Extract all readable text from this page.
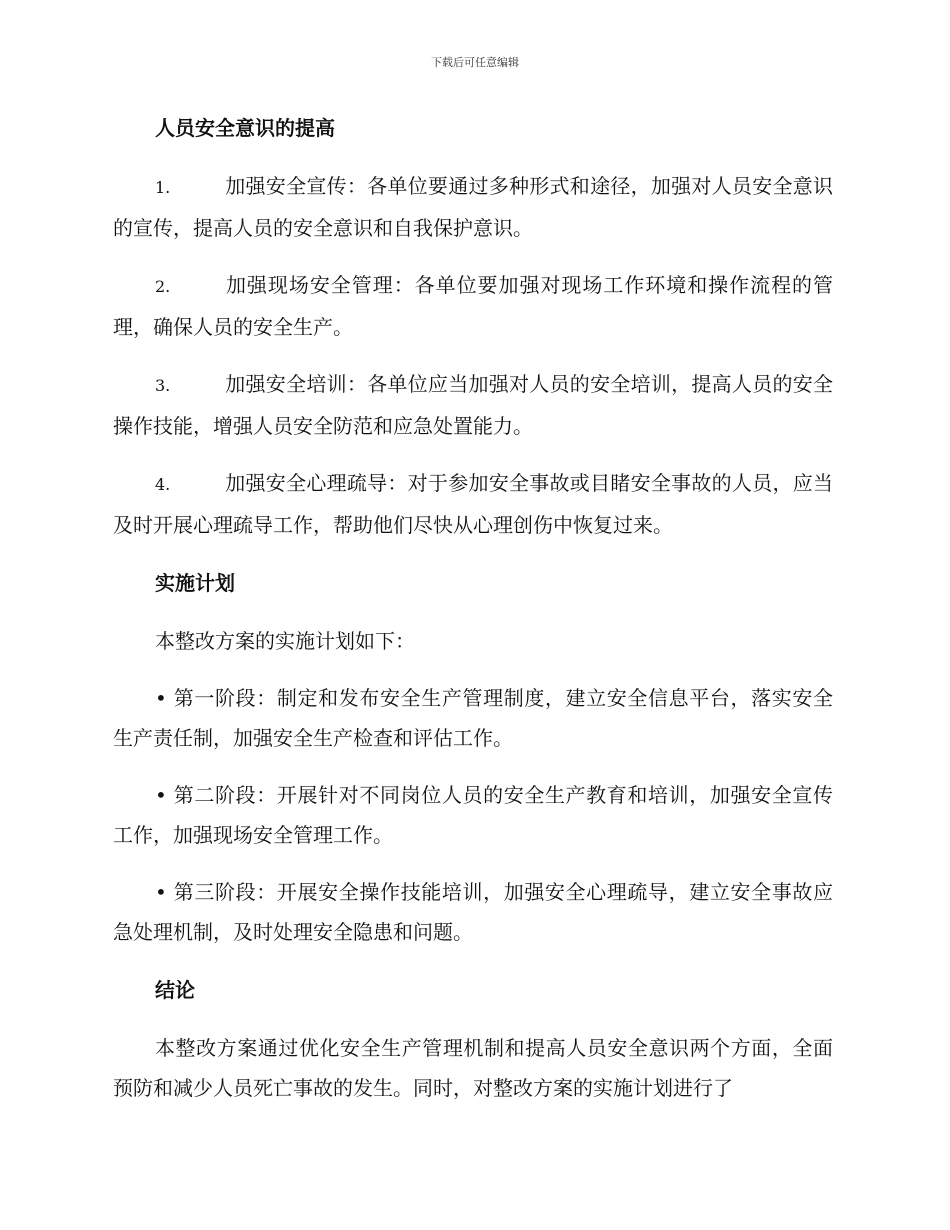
下载后可任意编辑

人员安全意识的提高

1.	加强安全宣传：各单位要通过多种形式和途径，加强对人员安全意识的宣传，提高人员的安全意识和自我保护意识。

2.	加强现场安全管理：各单位要加强对现场工作环境和操作流程的管理，确保人员的安全生产。

3.	加强安全培训：各单位应当加强对人员的安全培训，提高人员的安全操作技能，增强人员安全防范和应急处置能力。

4.	加强安全心理疏导：对于参加安全事故或目睹安全事故的人员，应当及时开展心理疏导工作，帮助他们尽快从心理创伤中恢复过来。

实施计划

本整改方案的实施计划如下：

• 第一阶段：制定和发布安全生产管理制度，建立安全信息平台，落实安全生产责任制，加强安全生产检查和评估工作。

• 第二阶段：开展针对不同岗位人员的安全生产教育和培训，加强安全宣传工作，加强现场安全管理工作。

• 第三阶段：开展安全操作技能培训，加强安全心理疏导，建立安全事故应急处理机制，及时处理安全隐患和问题。

结论

本整改方案通过优化安全生产管理机制和提高人员安全意识两个方面，全面预防和减少人员死亡事故的发生。同时，对整改方案的实施计划进行了
